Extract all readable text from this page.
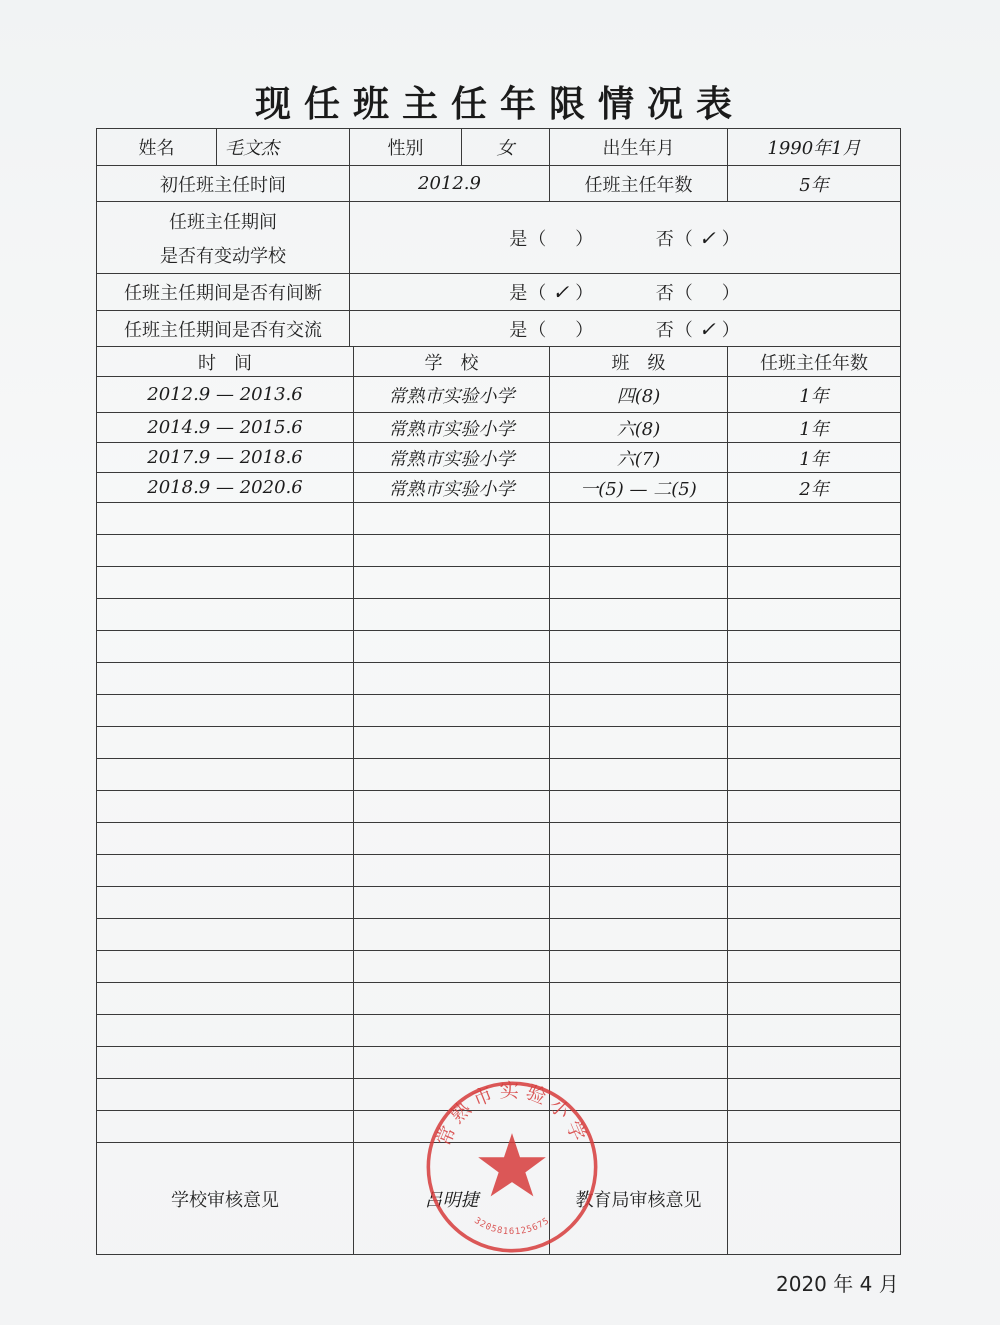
现任班主任年限情况表
姓名	毛文杰	性别		女	出生年月	1990年1月
初任班主任时间		2012.9			任班主任年数	5年

任班主任期间
是否有变动学校		是（ ） 否（ ✓ ）				
任班主任期间是否有间断		是（ ✓ ） 否（ ）				
任班主任期间是否有交流		是（ ） 否（ ✓ ）				
时　间			学　校		班　级	任班主任年数
2012.9 — 2013.6			常熟市实验小学		四(8)	1年
2014.9 — 2015.6			常熟市实验小学		六(8)	1年
2017.9 — 2018.6			常熟市实验小学		六(7)	1年
2018.9 — 2020.6			常熟市实验小学		一(5) — 二(5)	2年

学校审核意见			吕明捷		教育局审核意见	
常熟市实验小学
3205816125675
2020 年 4 月
